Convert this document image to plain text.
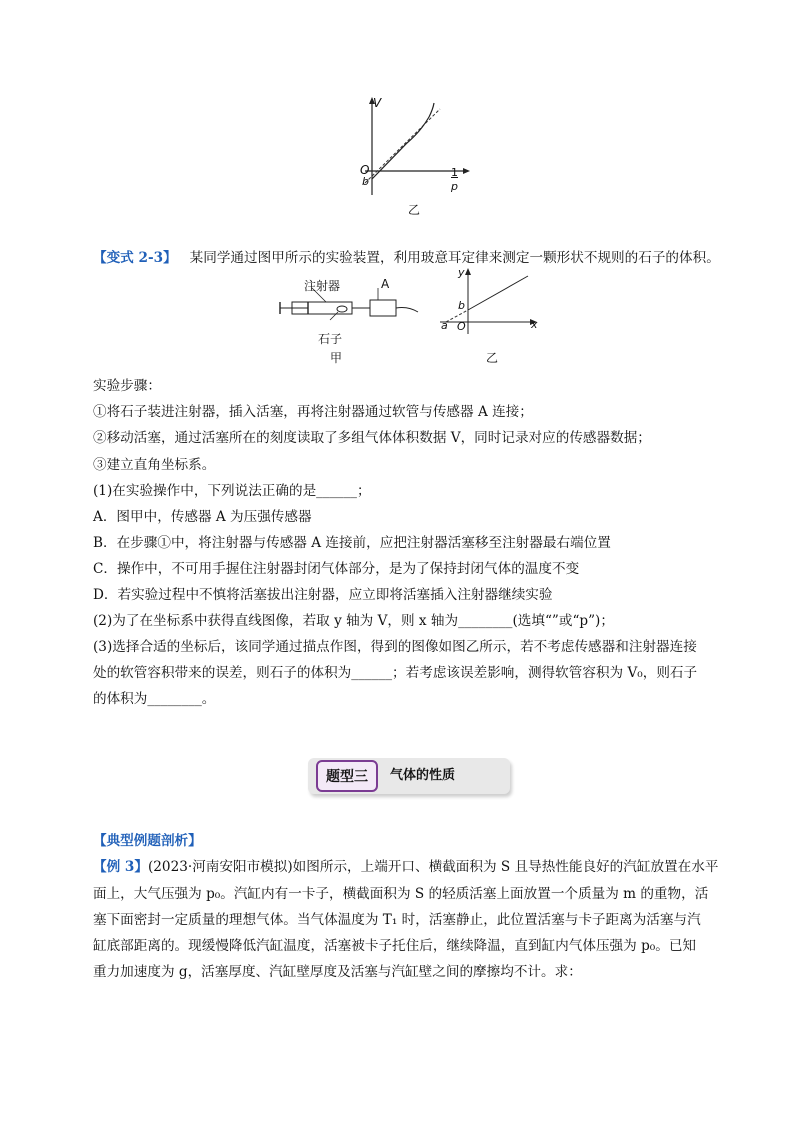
V
O
b
1
p
乙
【变式 2-3】 某同学通过图甲所示的实验装置，利用玻意耳定律来测定一颗形状不规则的石子的体积。
注射器	A
石子
甲
y
x
b
a O
乙
实验步骤：
①将石子装进注射器，插入活塞，再将注射器通过软管与传感器 A 连接；
②移动活塞，通过活塞所在的刻度读取了多组气体体积数据 V，同时记录对应的传感器数据；
③建立直角坐标系。
(1)在实验操作中，下列说法正确的是______；
A．图甲中，传感器 A 为压强传感器
B．在步骤①中，将注射器与传感器 A 连接前，应把注射器活塞移至注射器最右端位置
C．操作中，不可用手握住注射器封闭气体部分，是为了保持封闭气体的温度不变
D．若实验过程中不慎将活塞拔出注射器，应立即将活塞插入注射器继续实验
(2)为了在坐标系中获得直线图像，若取 y 轴为 V，则 x 轴为________(选填“”或“p”)；
(3)选择合适的坐标后，该同学通过描点作图，得到的图像如图乙所示，若不考虑传感器和注射器连接
处的软管容积带来的误差，则石子的体积为______；若考虑该误差影响，测得软管容积为 V₀，则石子
的体积为________。
题型三	气体的性质
【典型例题剖析】
【例 3】(2023·河南安阳市模拟)如图所示，上端开口、横截面积为 S 且导热性能良好的汽缸放置在水平
面上，大气压强为 p₀。汽缸内有一卡子，横截面积为 S 的轻质活塞上面放置一个质量为 m 的重物，活
塞下面密封一定质量的理想气体。当气体温度为 T₁ 时，活塞静止，此位置活塞与卡子距离为活塞与汽
缸底部距离的。现缓慢降低汽缸温度，活塞被卡子托住后，继续降温，直到缸内气体压强为 p₀。已知
重力加速度为 g，活塞厚度、汽缸壁厚度及活塞与汽缸壁之间的摩擦均不计。求：
